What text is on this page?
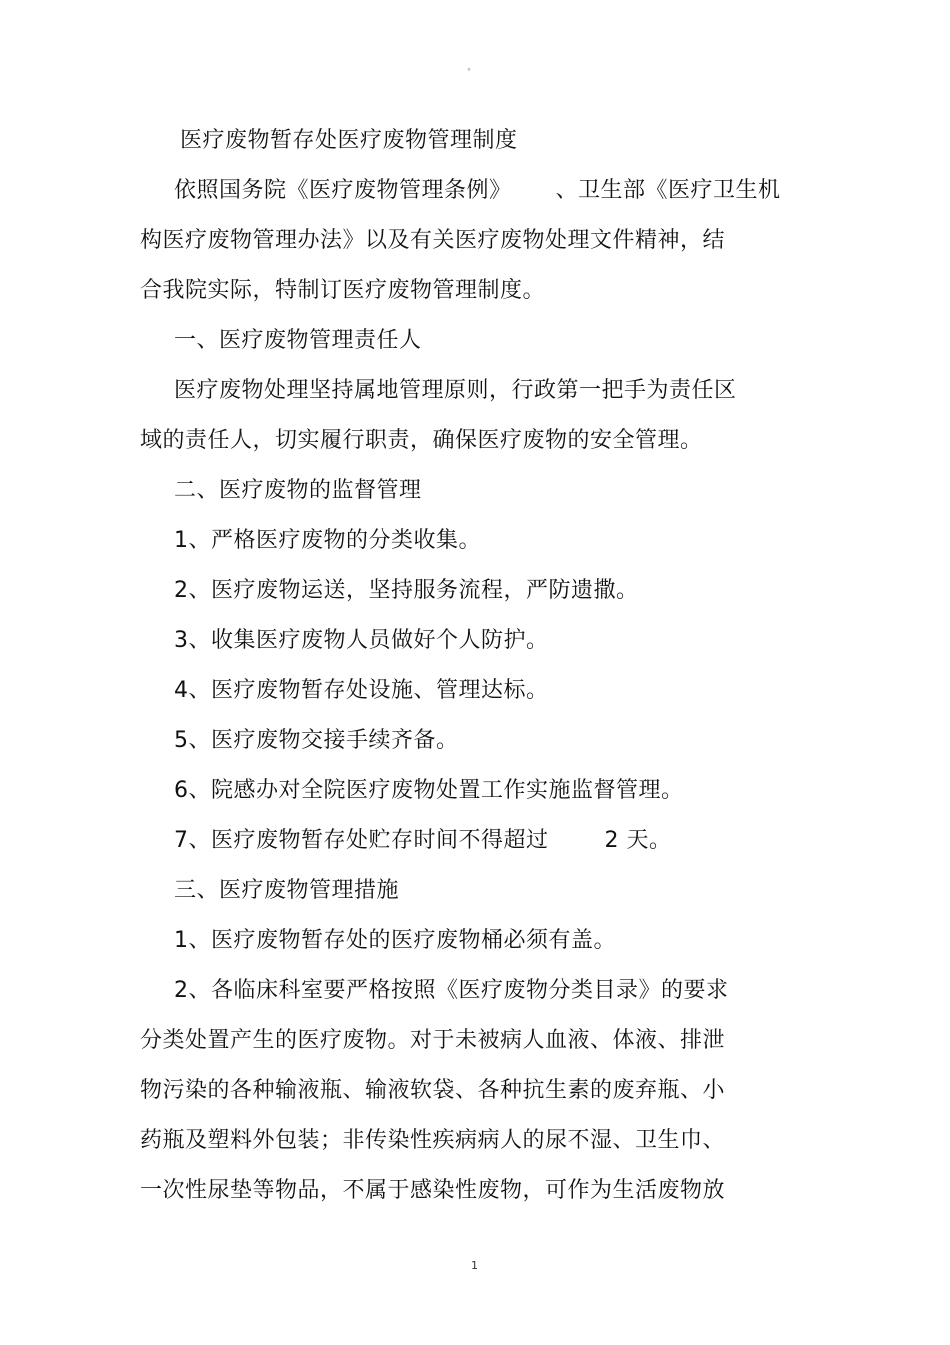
°
医疗废物暂存处医疗废物管理制度
依照国务院《医疗废物管理条例》 、卫生部《医疗卫生机
构医疗废物管理办法》以及有关医疗废物处理文件精神，结
合我院实际，特制订医疗废物管理制度。
一、医疗废物管理责任人
医疗废物处理坚持属地管理原则，行政第一把手为责任区
域的责任人，切实履行职责，确保医疗废物的安全管理。
二、医疗废物的监督管理
1、严格医疗废物的分类收集。
2、医疗废物运送，坚持服务流程，严防遗撒。
3、收集医疗废物人员做好个人防护。
4、医疗废物暂存处设施、管理达标。
5、医疗废物交接手续齐备。
6、院感办对全院医疗废物处置工作实施监督管理。
7、医疗废物暂存处贮存时间不得超过	2 天。
三、医疗废物管理措施
1、医疗废物暂存处的医疗废物桶必须有盖。
2、各临床科室要严格按照《医疗废物分类目录》的要求
分类处置产生的医疗废物。对于未被病人血液、体液、排泄
物污染的各种输液瓶、输液软袋、各种抗生素的废弃瓶、小
药瓶及塑料外包装；非传染性疾病病人的尿不湿、卫生巾、
一次性尿垫等物品，不属于感染性废物，可作为生活废物放
1
